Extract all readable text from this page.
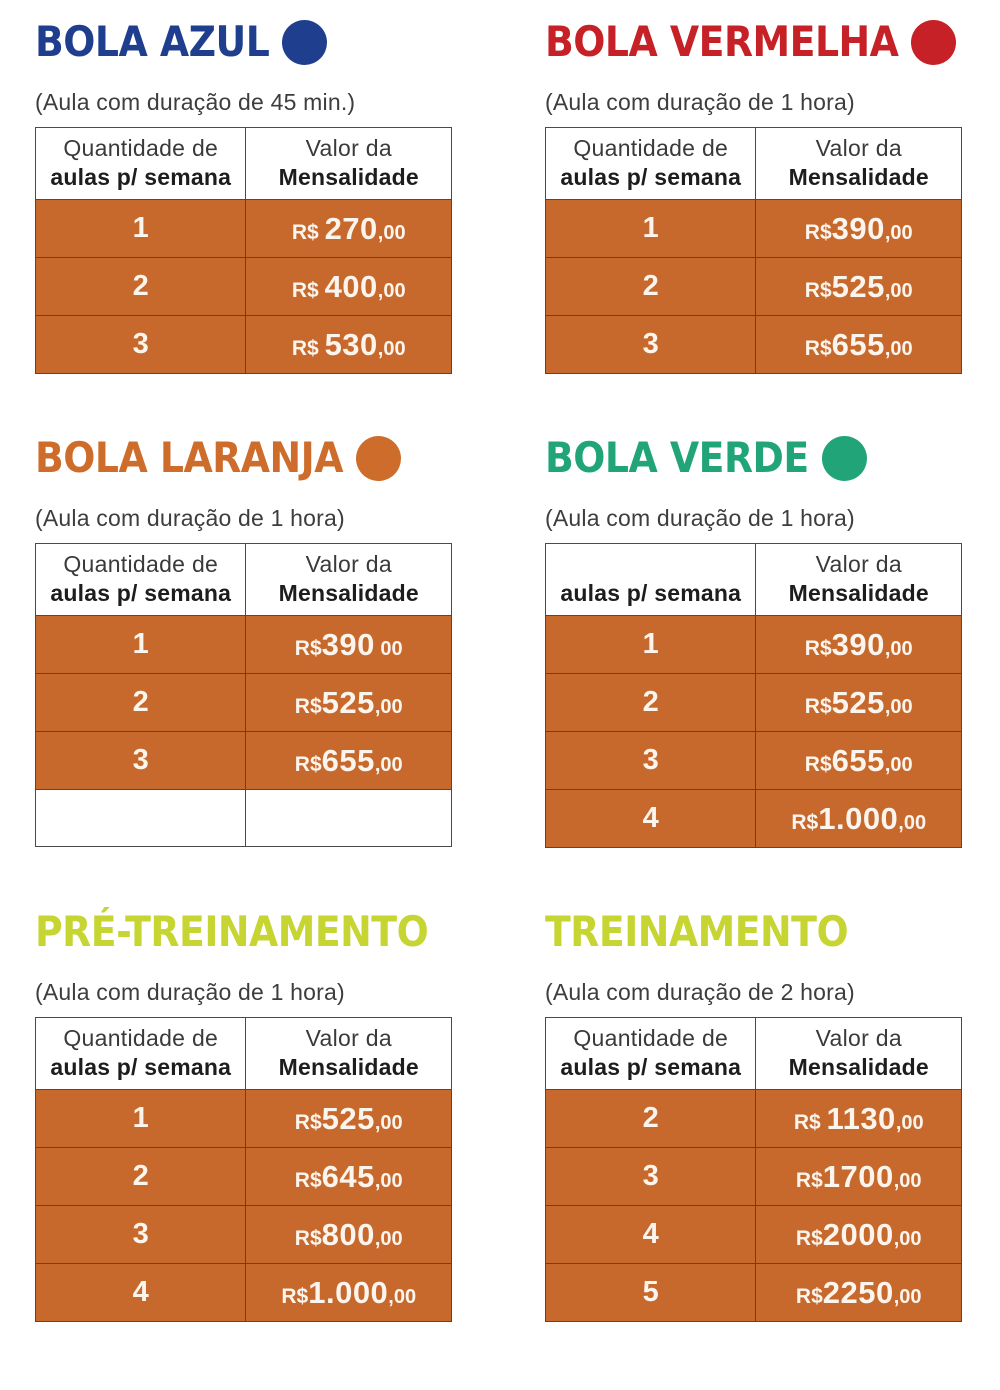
BOLA AZUL

(Aula com duração de 45 min.)

Quantidade de
aulas p/ semana	Valor da
Mensalidade

1	R$ 270,00
2	R$ 400,00
3	R$ 530,00
BOLA VERMELHA

(Aula com duração de 1 hora)

Quantidade de
aulas p/ semana	Valor da
Mensalidade

1	R$390,00
2	R$525,00
3	R$655,00
BOLA LARANJA

(Aula com duração de 1 hora)

Quantidade de
aulas p/ semana	Valor da
Mensalidade

1	R$390 00
2	R$525,00
3	R$655,00

BOLA VERDE

(Aula com duração de 1 hora)

aulas p/ semana	Valor da
Mensalidade

1	R$390,00
2	R$525,00
3	R$655,00
4	R$1.000,00
PRÉ-TREINAMENTO

(Aula com duração de 1 hora)

Quantidade de
aulas p/ semana	Valor da
Mensalidade

1	R$525,00
2	R$645,00
3	R$800,00
4	R$1.000,00
TREINAMENTO

(Aula com duração de 2 hora)

Quantidade de
aulas p/ semana	Valor da
Mensalidade

2	R$ 1130,00
3	R$1700,00
4	R$2000,00
5	R$2250,00
